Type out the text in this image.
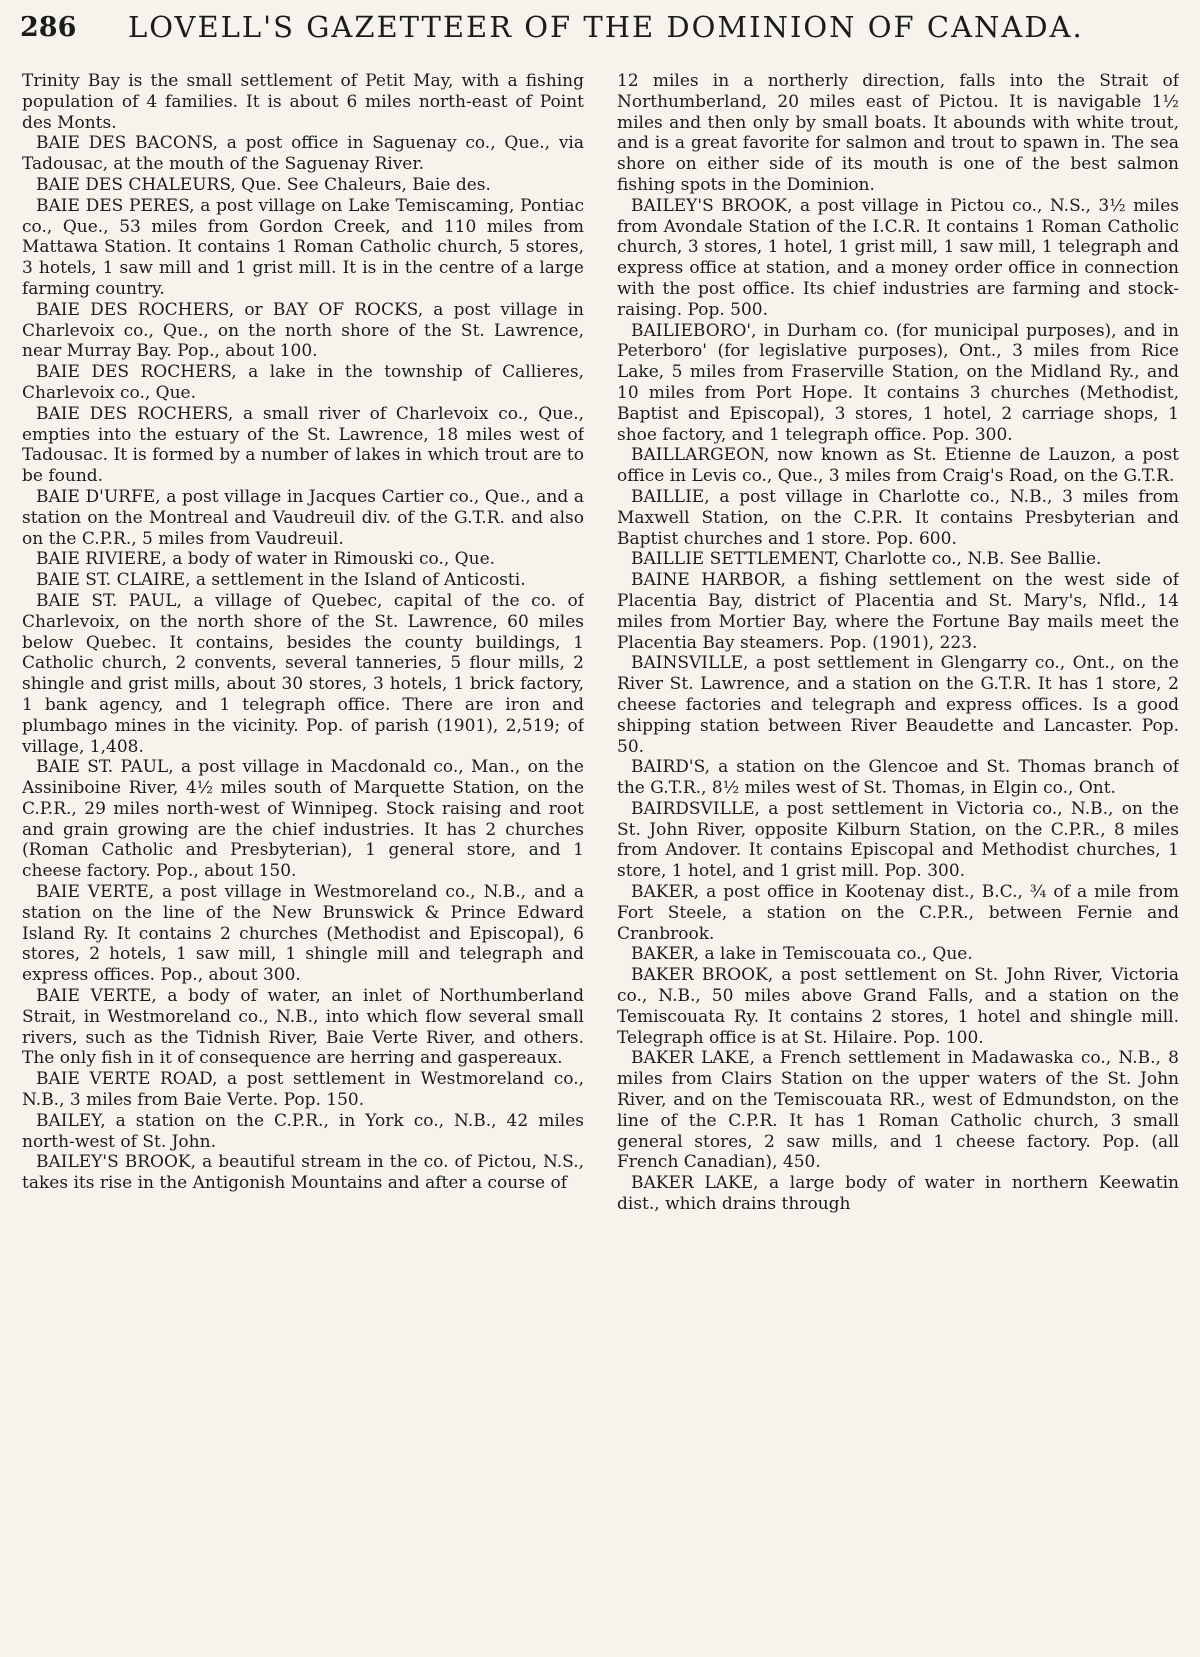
286 LOVELL'S GAZETTEER OF THE DOMINION OF CANADA.

Trinity Bay is the small settlement of Petit May, with a fishing population of 4 families. It is about 6 miles north-east of Point des Monts.

BAIE DES BACONS, a post office in Saguenay co., Que., via Tadousac, at the mouth of the Saguenay River.

BAIE DES CHALEURS, Que. See Chaleurs, Baie des.

BAIE DES PERES, a post village on Lake Temiscaming, Pontiac co., Que., 53 miles from Gordon Creek, and 110 miles from Mattawa Station. It contains 1 Roman Catholic church, 5 stores, 3 hotels, 1 saw mill and 1 grist mill. It is in the centre of a large farming country.

BAIE DES ROCHERS, or BAY OF ROCKS, a post village in Charlevoix co., Que., on the north shore of the St. Lawrence, near Murray Bay. Pop., about 100.

BAIE DES ROCHERS, a lake in the township of Callieres, Charlevoix co., Que.

BAIE DES ROCHERS, a small river of Charlevoix co., Que., empties into the estuary of the St. Lawrence, 18 miles west of Tadousac. It is formed by a number of lakes in which trout are to be found.

BAIE D'URFE, a post village in Jacques Cartier co., Que., and a station on the Montreal and Vaudreuil div. of the G.T.R. and also on the C.P.R., 5 miles from Vaudreuil.

BAIE RIVIERE, a body of water in Rimouski co., Que.

BAIE ST. CLAIRE, a settlement in the Island of Anticosti.

BAIE ST. PAUL, a village of Quebec, capital of the co. of Charlevoix, on the north shore of the St. Lawrence, 60 miles below Quebec. It contains, besides the county buildings, 1 Catholic church, 2 convents, several tanneries, 5 flour mills, 2 shingle and grist mills, about 30 stores, 3 hotels, 1 brick factory, 1 bank agency, and 1 telegraph office. There are iron and plumbago mines in the vicinity. Pop. of parish (1901), 2,519; of village, 1,408.

BAIE ST. PAUL, a post village in Macdonald co., Man., on the Assiniboine River, 4½ miles south of Marquette Station, on the C.P.R., 29 miles north-west of Winnipeg. Stock raising and root and grain growing are the chief industries. It has 2 churches (Roman Catholic and Presbyterian), 1 general store, and 1 cheese factory. Pop., about 150.

BAIE VERTE, a post village in Westmoreland co., N.B., and a station on the line of the New Brunswick & Prince Edward Island Ry. It contains 2 churches (Methodist and Episcopal), 6 stores, 2 hotels, 1 saw mill, 1 shingle mill and telegraph and express offices. Pop., about 300.

BAIE VERTE, a body of water, an inlet of Northumberland Strait, in Westmoreland co., N.B., into which flow several small rivers, such as the Tidnish River, Baie Verte River, and others. The only fish in it of consequence are herring and gaspereaux.

BAIE VERTE ROAD, a post settlement in Westmoreland co., N.B., 3 miles from Baie Verte. Pop. 150.

BAILEY, a station on the C.P.R., in York co., N.B., 42 miles north-west of St. John.

BAILEY'S BROOK, a beautiful stream in the co. of Pictou, N.S., takes its rise in the Antigonish Mountains and after a course of

12 miles in a northerly direction, falls into the Strait of Northumberland, 20 miles east of Pictou. It is navigable 1½ miles and then only by small boats. It abounds with white trout, and is a great favorite for salmon and trout to spawn in. The sea shore on either side of its mouth is one of the best salmon fishing spots in the Dominion.

BAILEY'S BROOK, a post village in Pictou co., N.S., 3½ miles from Avondale Station of the I.C.R. It contains 1 Roman Catholic church, 3 stores, 1 hotel, 1 grist mill, 1 saw mill, 1 telegraph and express office at station, and a money order office in connection with the post office. Its chief industries are farming and stock-raising. Pop. 500.

BAILIEBORO', in Durham co. (for municipal purposes), and in Peterboro' (for legislative purposes), Ont., 3 miles from Rice Lake, 5 miles from Fraserville Station, on the Midland Ry., and 10 miles from Port Hope. It contains 3 churches (Methodist, Baptist and Episcopal), 3 stores, 1 hotel, 2 carriage shops, 1 shoe factory, and 1 telegraph office. Pop. 300.

BAILLARGEON, now known as St. Etienne de Lauzon, a post office in Levis co., Que., 3 miles from Craig's Road, on the G.T.R.

BAILLIE, a post village in Charlotte co., N.B., 3 miles from Maxwell Station, on the C.P.R. It contains Presbyterian and Baptist churches and 1 store. Pop. 600.

BAILLIE SETTLEMENT, Charlotte co., N.B. See Ballie.

BAINE HARBOR, a fishing settlement on the west side of Placentia Bay, district of Placentia and St. Mary's, Nfld., 14 miles from Mortier Bay, where the Fortune Bay mails meet the Placentia Bay steamers. Pop. (1901), 223.

BAINSVILLE, a post settlement in Glengarry co., Ont., on the River St. Lawrence, and a station on the G.T.R. It has 1 store, 2 cheese factories and telegraph and express offices. Is a good shipping station between River Beaudette and Lancaster. Pop. 50.

BAIRD'S, a station on the Glencoe and St. Thomas branch of the G.T.R., 8½ miles west of St. Thomas, in Elgin co., Ont.

BAIRDSVILLE, a post settlement in Victoria co., N.B., on the St. John River, opposite Kilburn Station, on the C.P.R., 8 miles from Andover. It contains Episcopal and Methodist churches, 1 store, 1 hotel, and 1 grist mill. Pop. 300.

BAKER, a post office in Kootenay dist., B.C., ¾ of a mile from Fort Steele, a station on the C.P.R., between Fernie and Cranbrook.

BAKER, a lake in Temiscouata co., Que.

BAKER BROOK, a post settlement on St. John River, Victoria co., N.B., 50 miles above Grand Falls, and a station on the Temiscouata Ry. It contains 2 stores, 1 hotel and shingle mill. Telegraph office is at St. Hilaire. Pop. 100.

BAKER LAKE, a French settlement in Madawaska co., N.B., 8 miles from Clairs Station on the upper waters of the St. John River, and on the Temiscouata RR., west of Edmundston, on the line of the C.P.R. It has 1 Roman Catholic church, 3 small general stores, 2 saw mills, and 1 cheese factory. Pop. (all French Canadian), 450.

BAKER LAKE, a large body of water in northern Keewatin dist., which drains through
